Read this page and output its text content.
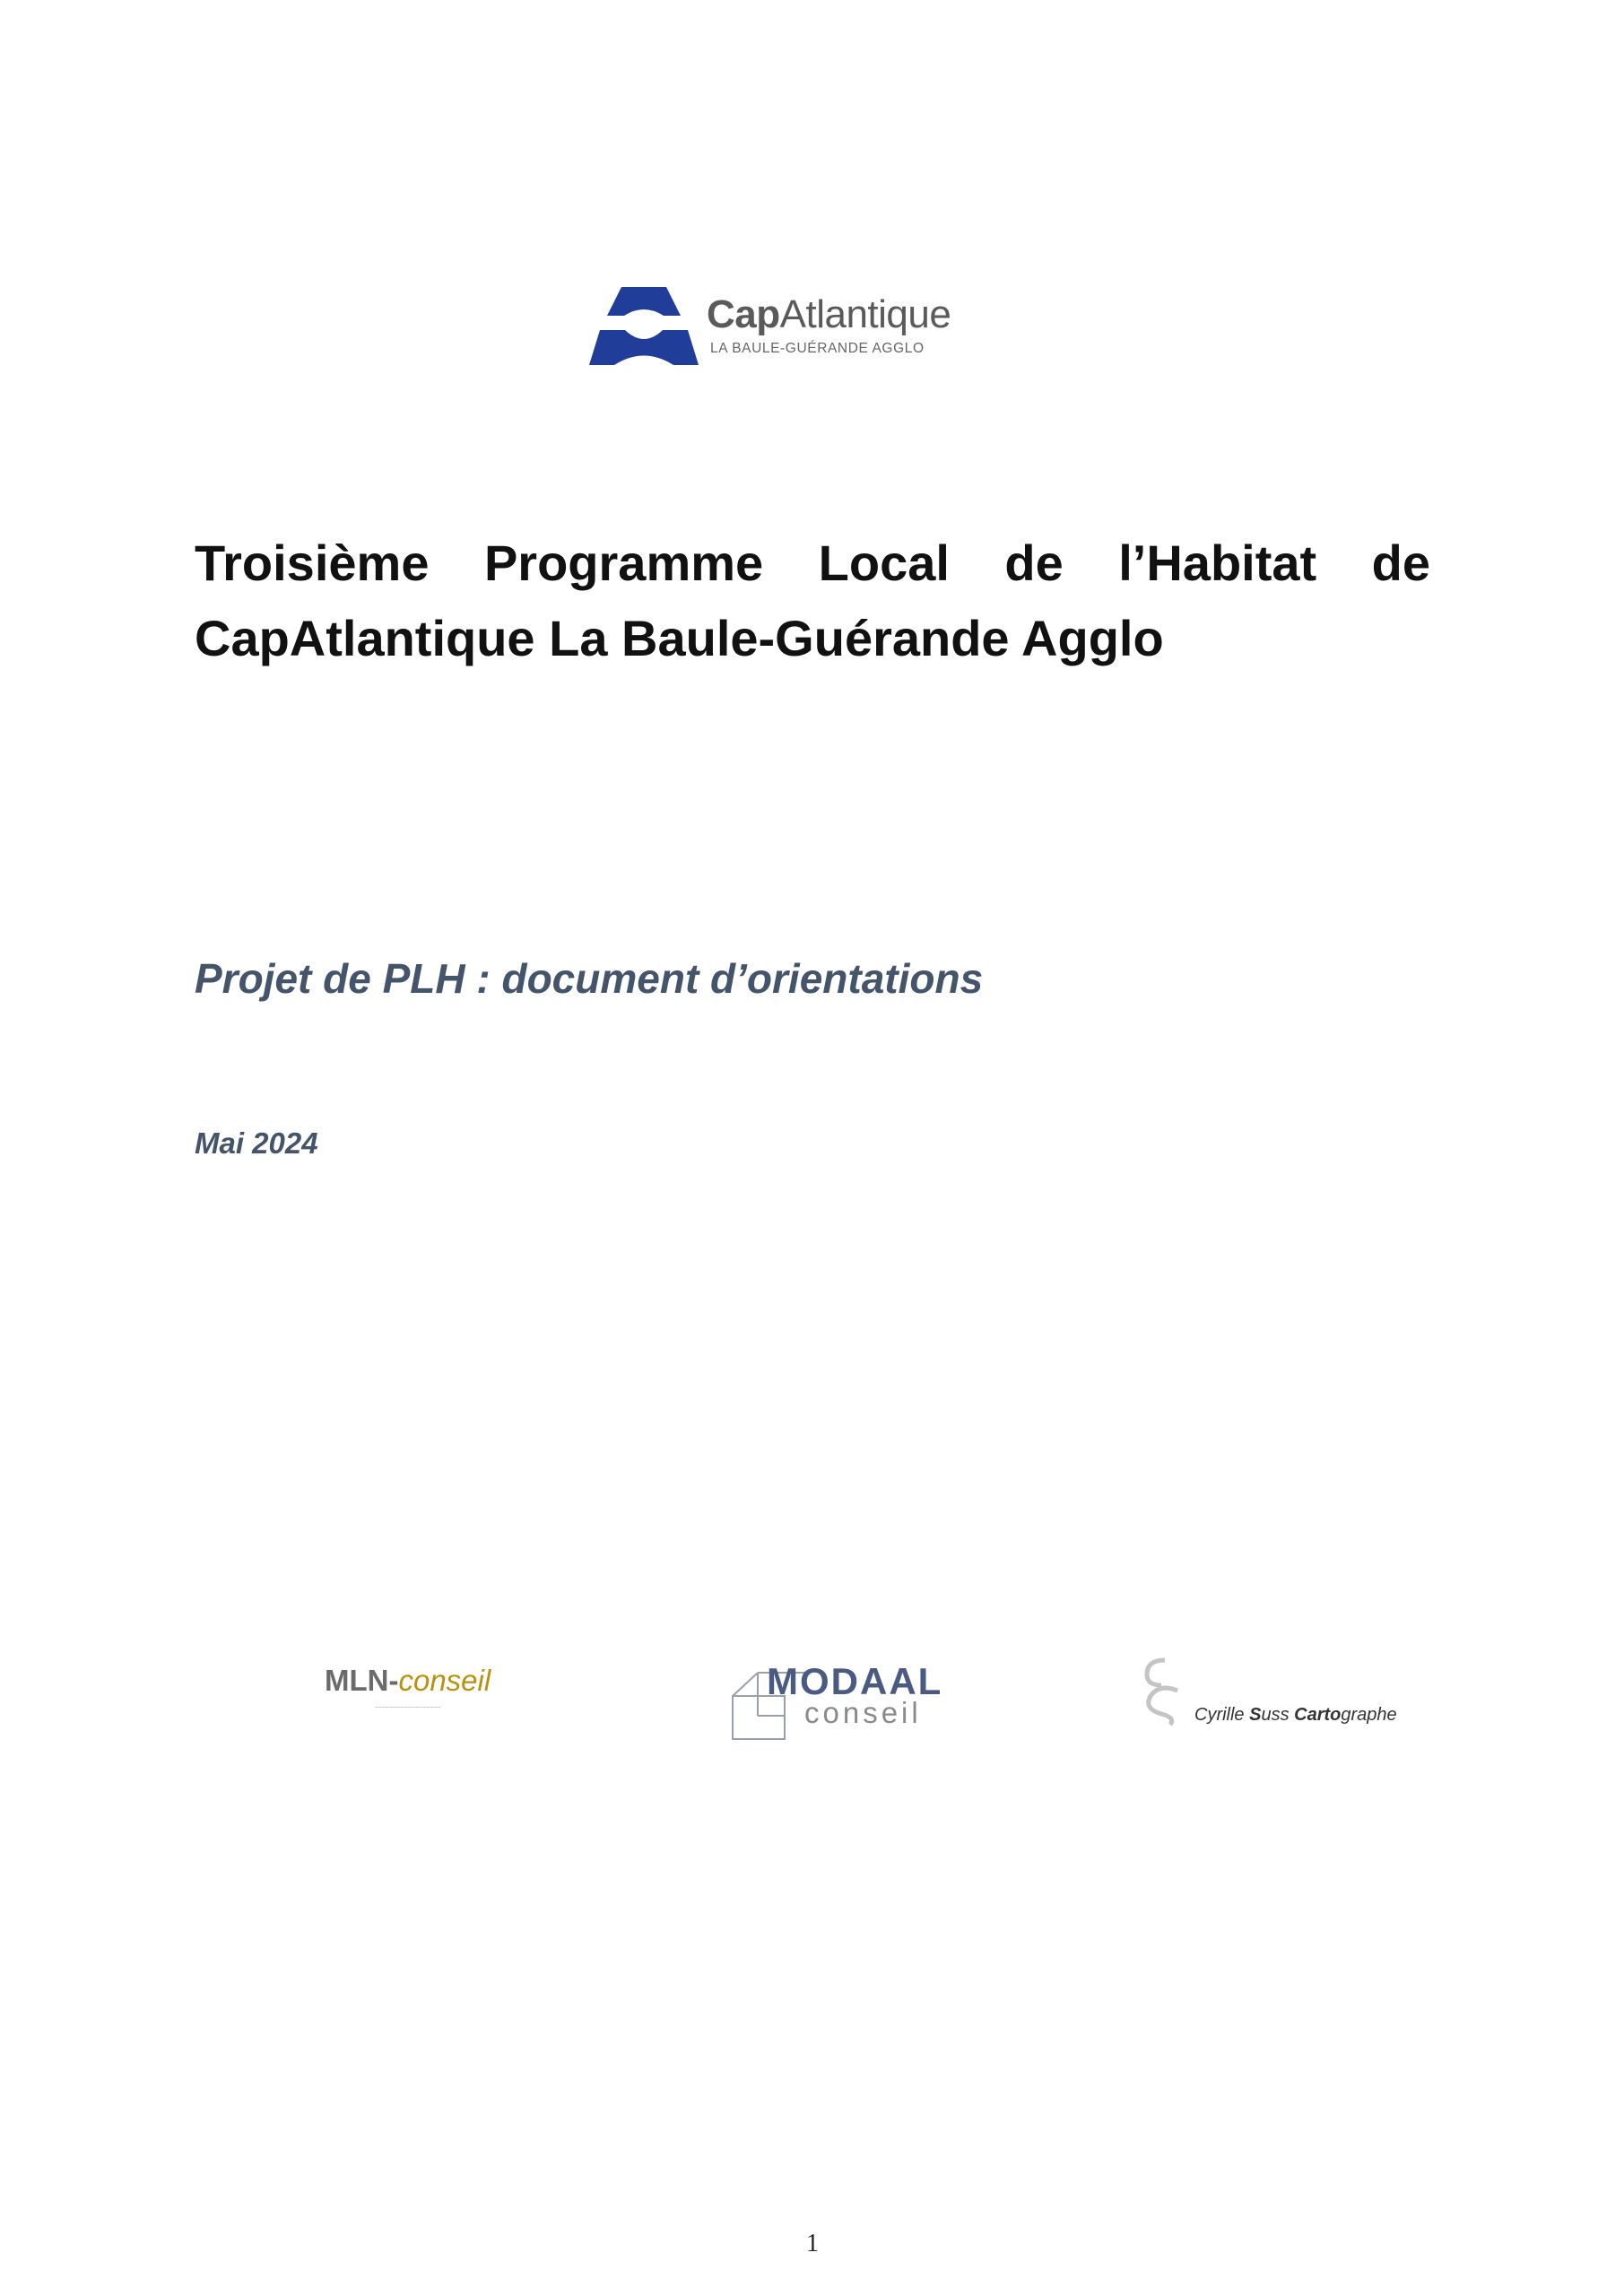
CapAtlantique
LA BAULE-GUÉRANDE AGGLO
Troisième Programme Local de l’Habitat de
CapAtlantique La Baule-Guérande Agglo
Projet de PLH : document d’orientations
Mai 2024
MLN-conseil
~~~~~~~~~~~~~~~~~~
MODAAL
conseil	Cyrille Suss Cartographe
1
